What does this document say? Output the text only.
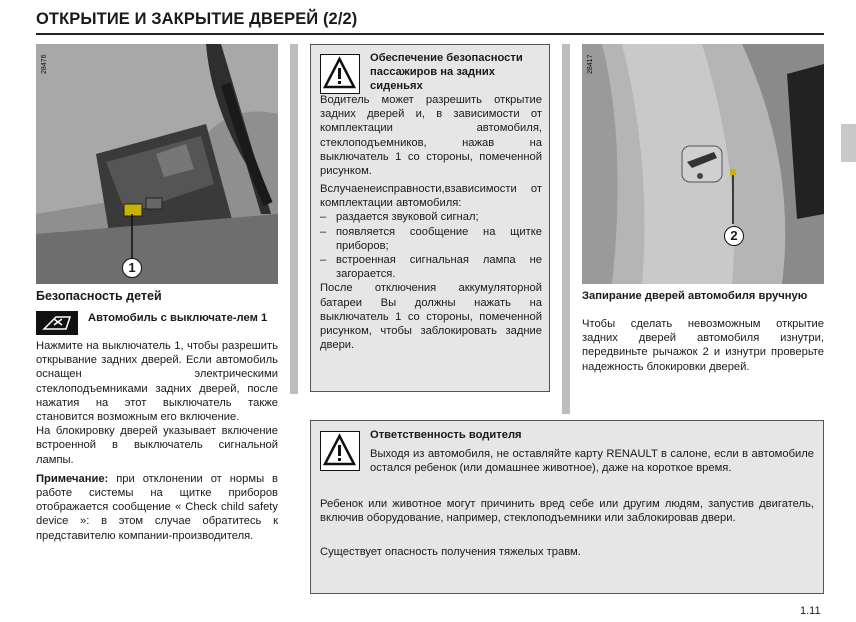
ОТКРЫТИЕ И ЗАКРЫТИЕ ДВЕРЕЙ (2/2)
28476
1
Безопасность детей
Автомобиль с выключате-лем 1
Нажмите на выключатель 1, чтобы разрешить открывание задних дверей. Если автомобиль оснащен электрическими стеклоподъемниками задних дверей, после нажатия на этот выключатель также становится возможным его включение.
На блокировку дверей указывает включение встроенной в выключатель сигнальной лампы.
Примечание: при отклонении от нормы в работе системы на щитке приборов отображается сообщение « Check child safety device »: в этом случае обратитесь к представителю компании-производителя.
Обеспечение безопасности пассажиров на задних сиденьях
Водитель может разрешить открытие задних дверей и, в зависимости от комплектации автомобиля, стеклоподъемников, нажав на выключатель 1 со стороны, помеченной рисунком.
Вслучаенеисправности,взависимости от комплектации автомобиля:
– раздается звуковой сигнал;
– появляется сообщение на щитке приборов;
– встроенная сигнальная лампа не загорается.
После отключения аккумуляторной батареи Вы должны нажать на выключатель 1 со стороны, помеченной рисунком, чтобы заблокировать задние двери.
28417
2
Запирание дверей автомобиля вручную
Чтобы сделать невозможным открытие задних дверей автомобиля изнутри, передвиньте рычажок 2 и изнутри проверьте надежность блокировки дверей.
Ответственность водителя
Выходя из автомобиля, не оставляйте карту RENAULT в салоне, если в автомобиле остался ребенок (или домашнее животное), даже на короткое время.
Ребенок или животное могут причинить вред себе или другим людям, запустив двигатель, включив оборудование, например, стеклоподъемники или заблокировав двери.
Существует опасность получения тяжелых травм.
1.11
